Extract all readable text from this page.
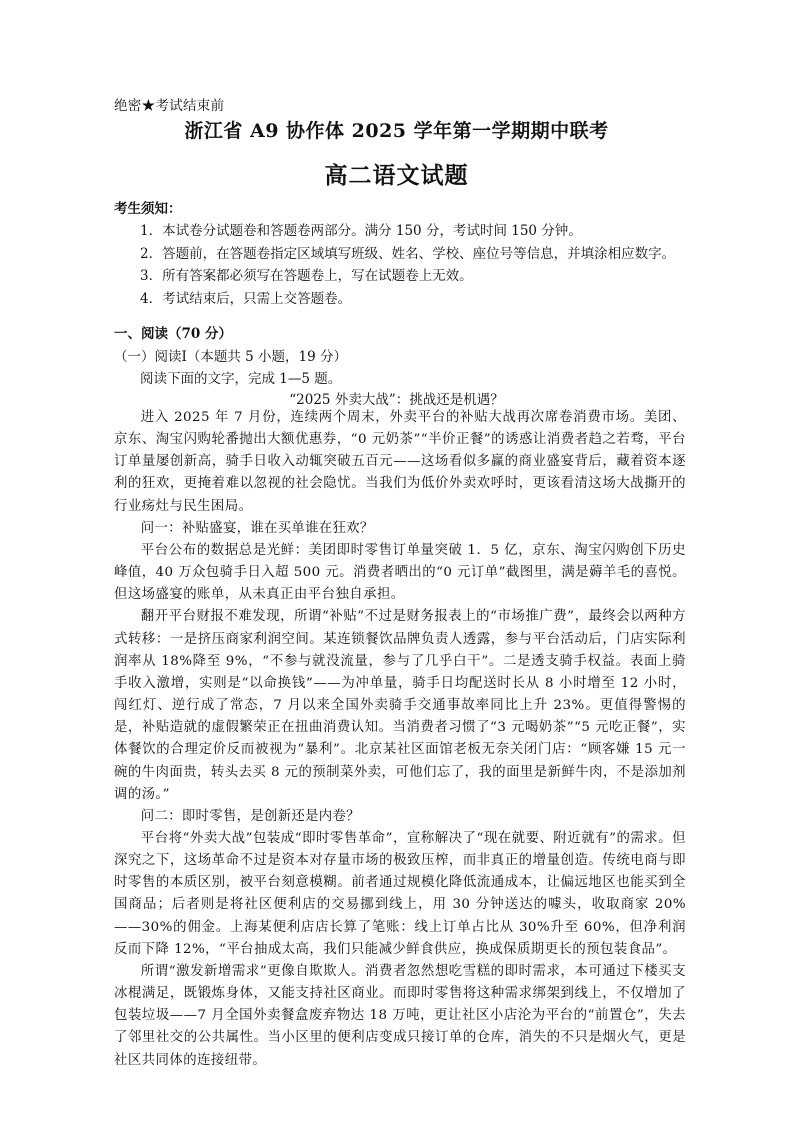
绝密★考试结束前
浙江省 A9 协作体 2025 学年第一学期期中联考
高二语文试题
考生须知：
1．本试卷分试题卷和答题卷两部分。满分 150 分，考试时间 150 分钟。
2．答题前，在答题卷指定区域填写班级、姓名、学校、座位号等信息，并填涂相应数字。
3．所有答案都必须写在答题卷上，写在试题卷上无效。
4．考试结束后，只需上交答题卷。
一、阅读（70 分）
（一）阅读Ⅰ（本题共 5 小题，19 分）
阅读下面的文字，完成 1—5 题。
“2025 外卖大战”：挑战还是机遇？

进入 2025 年 7 月份，连续两个周末，外卖平台的补贴大战再次席卷消费市场。美团、京东、淘宝闪购轮番抛出大额优惠券，“0 元奶茶”“半价正餐”的诱惑让消费者趋之若骛，平台订单量屡创新高，骑手日收入动辄突破五百元——这场看似多赢的商业盛宴背后，藏着资本逐利的狂欢，更掩着难以忽视的社会隐忧。当我们为低价外卖欢呼时，更该看清这场大战撕开的行业疡灶与民生困局。

问一：补贴盛宴，谁在买单谁在狂欢？

平台公布的数据总是光鲜：美团即时零售订单量突破 1．5 亿，京东、淘宝闪购创下历史峰值，40 万众包骑手日入超 500 元。消费者晒出的“0 元订单”截图里，满是薅羊毛的喜悦。但这场盛宴的账单，从未真正由平台独自承担。

翻开平台财报不难发现，所谓“补贴”不过是财务报表上的“市场推广费”，最终会以两种方式转移：一是挤压商家利润空间。某连锁餐饮品牌负责人透露，参与平台活动后，门店实际利润率从 18%降至 9%，“不参与就没流量，参与了几乎白干”。二是透支骑手权益。表面上骑手收入激增，实则是“以命换钱”——为冲单量，骑手日均配送时长从 8 小时增至 12 小时，闯红灯、逆行成了常态，7 月以来全国外卖骑手交通事故率同比上升 23%。更值得警惕的是，补贴造就的虚假繁荣正在扭曲消费认知。当消费者习惯了“3 元喝奶茶”“5 元吃正餐”，实体餐饮的合理定价反而被视为“暴利”。北京某社区面馆老板无奈关闭门店：“顾客嫌 15 元一碗的牛肉面贵，转头去买 8 元的预制菜外卖，可他们忘了，我的面里是新鲜牛肉，不是添加剂调的汤。”

问二：即时零售，是创新还是内卷？

平台将“外卖大战”包装成“即时零售革命”，宣称解决了“现在就要、附近就有”的需求。但深究之下，这场革命不过是资本对存量市场的极致压榨，而非真正的增量创造。传统电商与即时零售的本质区别，被平台刻意模糊。前者通过规模化降低流通成本，让偏远地区也能买到全国商品；后者则是将社区便利店的交易挪到线上，用 30 分钟送达的噱头，收取商家 20%——30%的佣金。上海某便利店店长算了笔账：线上订单占比从 30%升至 60%，但净利润反而下降 12%，“平台抽成太高，我们只能减少鲜食供应，换成保质期更长的预包装食品”。

所谓“激发新增需求”更像自欺欺人。消费者忽然想吃雪糕的即时需求，本可通过下楼买支冰棍满足，既锻炼身体，又能支持社区商业。而即时零售将这种需求绑架到线上，不仅增加了包装垃圾——7 月全国外卖餐盒废弃物达 18 万吨，更让社区小店沦为平台的“前置仓”，失去了邻里社交的公共属性。当小区里的便利店变成只接订单的仓库，消失的不只是烟火气，更是社区共同体的连接纽带。
